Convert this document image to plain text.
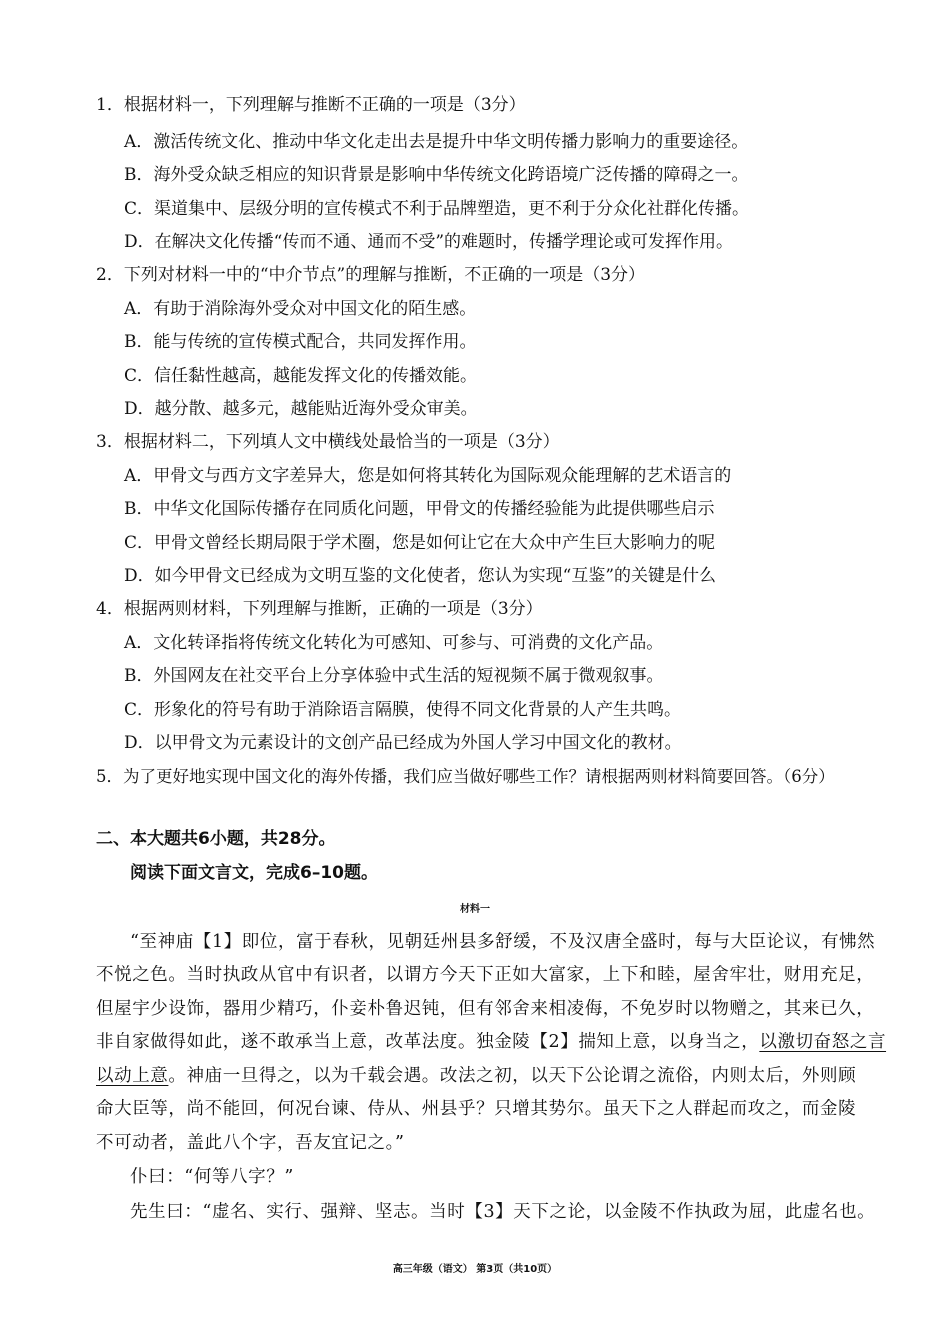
1．根据材料一，下列理解与推断不正确的一项是（3分）
A．激活传统文化、推动中华文化走出去是提升中华文明传播力影响力的重要途径。
B．海外受众缺乏相应的知识背景是影响中华传统文化跨语境广泛传播的障碍之一。
C．渠道集中、层级分明的宣传模式不利于品牌塑造，更不利于分众化社群化传播。
D．在解决文化传播“传而不通、通而不受”的难题时，传播学理论或可发挥作用。
2．下列对材料一中的“中介节点”的理解与推断，不正确的一项是（3分）
A．有助于消除海外受众对中国文化的陌生感。
B．能与传统的宣传模式配合，共同发挥作用。
C．信任黏性越高，越能发挥文化的传播效能。
D．越分散、越多元，越能贴近海外受众审美。
3．根据材料二，下列填人文中横线处最恰当的一项是（3分）
A．甲骨文与西方文字差异大，您是如何将其转化为国际观众能理解的艺术语言的
B．中华文化国际传播存在同质化问题，甲骨文的传播经验能为此提供哪些启示
C．甲骨文曾经长期局限于学术圈，您是如何让它在大众中产生巨大影响力的呢
D．如今甲骨文已经成为文明互鉴的文化使者，您认为实现“互鉴”的关键是什么
4．根据两则材料，下列理解与推断，正确的一项是（3分）
A．文化转译指将传统文化转化为可感知、可参与、可消费的文化产品。
B．外国网友在社交平台上分享体验中式生活的短视频不属于微观叙事。
C．形象化的符号有助于消除语言隔膜，使得不同文化背景的人产生共鸣。
D．以甲骨文为元素设计的文创产品已经成为外国人学习中国文化的教材。
5．为了更好地实现中国文化的海外传播，我们应当做好哪些工作？请根据两则材料简要回答。（6分）
二、本大题共6小题，共28分。
阅读下面文言文，完成6–10题。
材料一
“至神庙【1】即位，富于春秋，见朝廷州县多舒缓，不及汉唐全盛时，每与大臣论议，有怫然
不悦之色。当时执政从官中有识者，以谓方今天下正如大富家，上下和睦，屋舍牢壮，财用充足，
但屋宇少设饰，器用少精巧，仆妾朴鲁迟钝，但有邻舍来相凌侮，不免岁时以物赠之，其来已久，
非自家做得如此，遂不敢承当上意，改革法度。独金陵【2】揣知上意，以身当之，以激切奋怒之言
以动上意。神庙一旦得之，以为千载会遇。改法之初，以天下公论谓之流俗，内则太后，外则顾
命大臣等，尚不能回，何况台谏、侍从、州县乎？只增其势尔。虽天下之人群起而攻之，而金陵
不可动者，盖此八个字，吾友宜记之。”
仆曰：“何等八字？”
先生曰：“虚名、实行、强辩、坚志。当时【3】天下之论，以金陵不作执政为屈，此虚名也。
高三年级（语文） 第3页（共10页）
